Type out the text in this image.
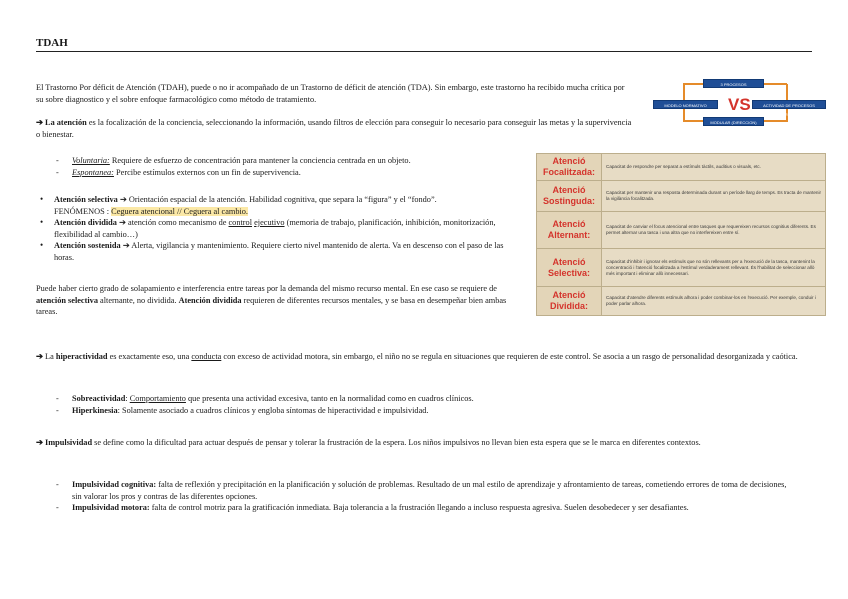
TDAH

El Trastorno Por déficit de Atención (TDAH), puede o no ir acompañado de un Trastorno de déficit de atención (TDA). Sin embargo, este trastorno ha recibido mucha crítica por su sobre diagnostico y el sobre enfoque farmacológico como método de tratamiento.

➔ La atención es la focalización de la conciencia, seleccionando la información, usando filtros de elección para conseguir lo necesario para conseguir las metas y la supervivencia o bienestar.

- Voluntaria: Requiere de esfuerzo de concentración para mantener la conciencia centrada en un objeto.

- Espontanea: Percibe estímulos externos con un fin de supervivencia.

• Atención selectiva ➔ Orientación espacial de la atención. Habilidad cognitiva, que separa la “figura” y el “fondo”.
FENÓMENOS : Ceguera atencional // Ceguera al cambio.

• Atención dividida ➔ atención como mecanismo de control ejecutivo (memoria de trabajo, planificación, inhibición, monitorización, flexibilidad al cambio…)

• Atención sostenida ➔ Alerta, vigilancia y mantenimiento. Requiere cierto nivel mantenido de alerta. Va en descenso con el paso de las horas.

Puede haber cierto grado de solapamiento e interferencia entre tareas por la demanda del mismo recurso mental. En ese caso se requiere de atención selectiva alternante, no dividida. Atención dividida requieren de diferentes recursos mentales, y se basa en desempeñar bien ambas tareas.

3 PROCESOS
MODELO NORMATIVO	ACTIVIDAD DE PROCESOS RESTRICTIVOS
MODULAR (DIRECCION)
VS
Atenció Focalitzada:	Capacitat de respondre per separat a estímuls tàctils, auditius o visuals, etc.
Atenció Sostinguda:	Capacitat per mantenir una resposta determinada durant un període llarg de temps. Es tracta de mantenir la vigilància focalitzada.
Atenció Alternant:	Capacitat de canviar el focus atencional entre tasques que requereixen recursos cognitius diferents. Es permet alternar una tasca i una altra que no interfereixen entre sí.
Atenció Selectiva:	Capacitat d'inhibir i ignorar els estímuls que no són rellevants per a l'execució de la tasca, mantenint la concentració i l'atenció focalitzada a l'estímul verdaderament rellevant. És l'habilitat de seleccionar allò més important i eliminar allò innecessari.
Atenció Dividida:	Capacitat d'atendre diferents estímuls alhora i poder combinar-los en l'execució. Per exemple, conduir i poder parlar alhora.

➔ La hiperactividad es exactamente eso, una conducta con exceso de actividad motora, sin embargo, el niño no se regula en situaciones que requieren de este control. Se asocia a un rasgo de personalidad desorganizada y caótica.

- Sobreactividad: Comportamiento que presenta una actividad excesiva, tanto en la normalidad como en cuadros clínicos.

- Hiperkinesia: Solamente asociado a cuadros clínicos y engloba síntomas de hiperactividad e impulsividad.

➔ Impulsividad se define como la dificultad para actuar después de pensar y tolerar la frustración de la espera. Los niños impulsivos no llevan bien esta espera que se le marca en diferentes contextos.

- Impulsividad cognitiva: falta de reflexión y precipitación en la planificación y solución de problemas. Resultado de un mal estilo de aprendizaje y afrontamiento de tareas, cometiendo errores de toma de decisiones, sin valorar los pros y contras de las diferentes opciones.

- Impulsividad motora: falta de control motriz para la gratificación inmediata. Baja tolerancia a la frustración llegando a incluso respuesta agresiva. Suelen desobedecer y ser desafiantes.
